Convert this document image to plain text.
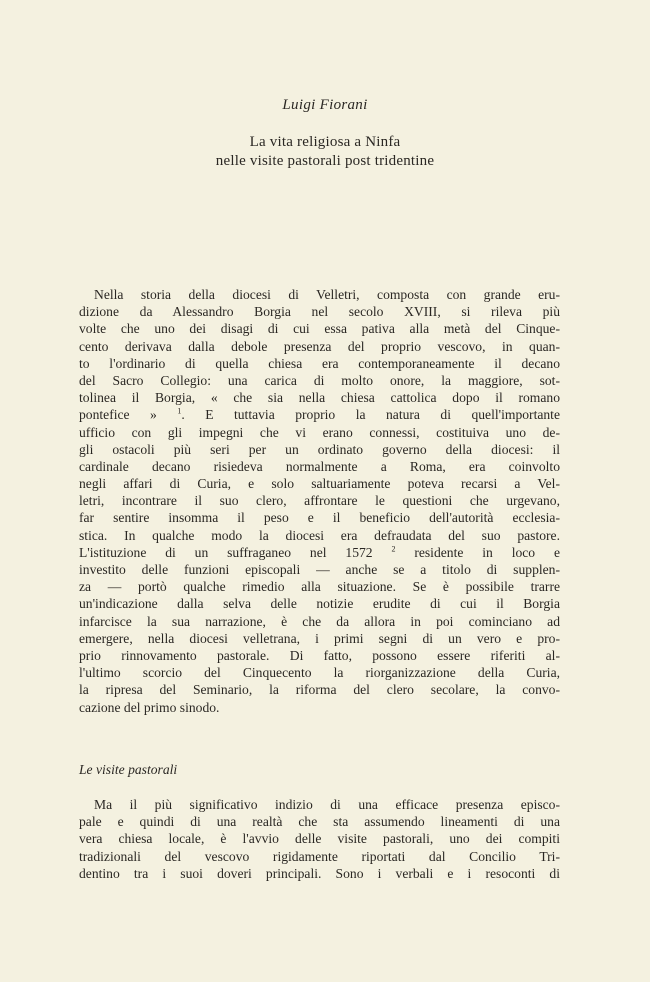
Luigi Fiorani
La vita religiosa a Ninfa
nelle visite pastorali post tridentine
Nella storia della diocesi di Velletri, composta con grande eru-
dizione da Alessandro Borgia nel secolo XVIII, si rileva più
volte che uno dei disagi di cui essa pativa alla metà del Cinque-
cento derivava dalla debole presenza del proprio vescovo, in quan-
to l'ordinario di quella chiesa era contemporaneamente il decano
del Sacro Collegio: una carica di molto onore, la maggiore, sot-
tolinea il Borgia, « che sia nella chiesa cattolica dopo il romano
pontefice »	$^1$. E tuttavia proprio la natura di quell'importante
ufficio con gli impegni che vi erano connessi, costituiva uno de-
gli ostacoli più seri per un ordinato governo della diocesi: il
cardinale decano risiedeva normalmente a Roma, era coinvolto
negli affari di Curia, e solo saltuariamente poteva recarsi a Vel-
letri, incontrare il suo clero, affrontare le questioni che urgevano,
far sentire insomma il peso e il beneficio dell'autorità ecclesia-
stica. In qualche modo la diocesi era defraudata del suo pastore.
L'istituzione di un suffraganeo nel 1572 $^2$ residente in loco e
investito delle funzioni episcopali — anche se a titolo di supplen-
za — portò qualche rimedio alla situazione. Se è possibile trarre
un'indicazione dalla selva delle notizie erudite di cui il Borgia
infarcisce la sua narrazione, è che da allora in poi cominciano ad
emergere, nella diocesi velletrana, i primi segni di un vero e pro-
prio rinnovamento pastorale. Di fatto, possono essere riferiti al-
l'ultimo scorcio del Cinquecento la riorganizzazione della Curia,
la ripresa del Seminario, la riforma del clero secolare, la convo-
cazione del primo sinodo.
Le visite pastorali
Ma il più significativo indizio di una efficace presenza episco-
pale e quindi di una realtà che sta assumendo lineamenti di una
vera chiesa locale, è l'avvio delle visite pastorali, uno dei compiti
tradizionali del vescovo rigidamente riportati dal Concilio Tri-
dentino tra i suoi doveri principali. Sono i verbali e i resoconti di
